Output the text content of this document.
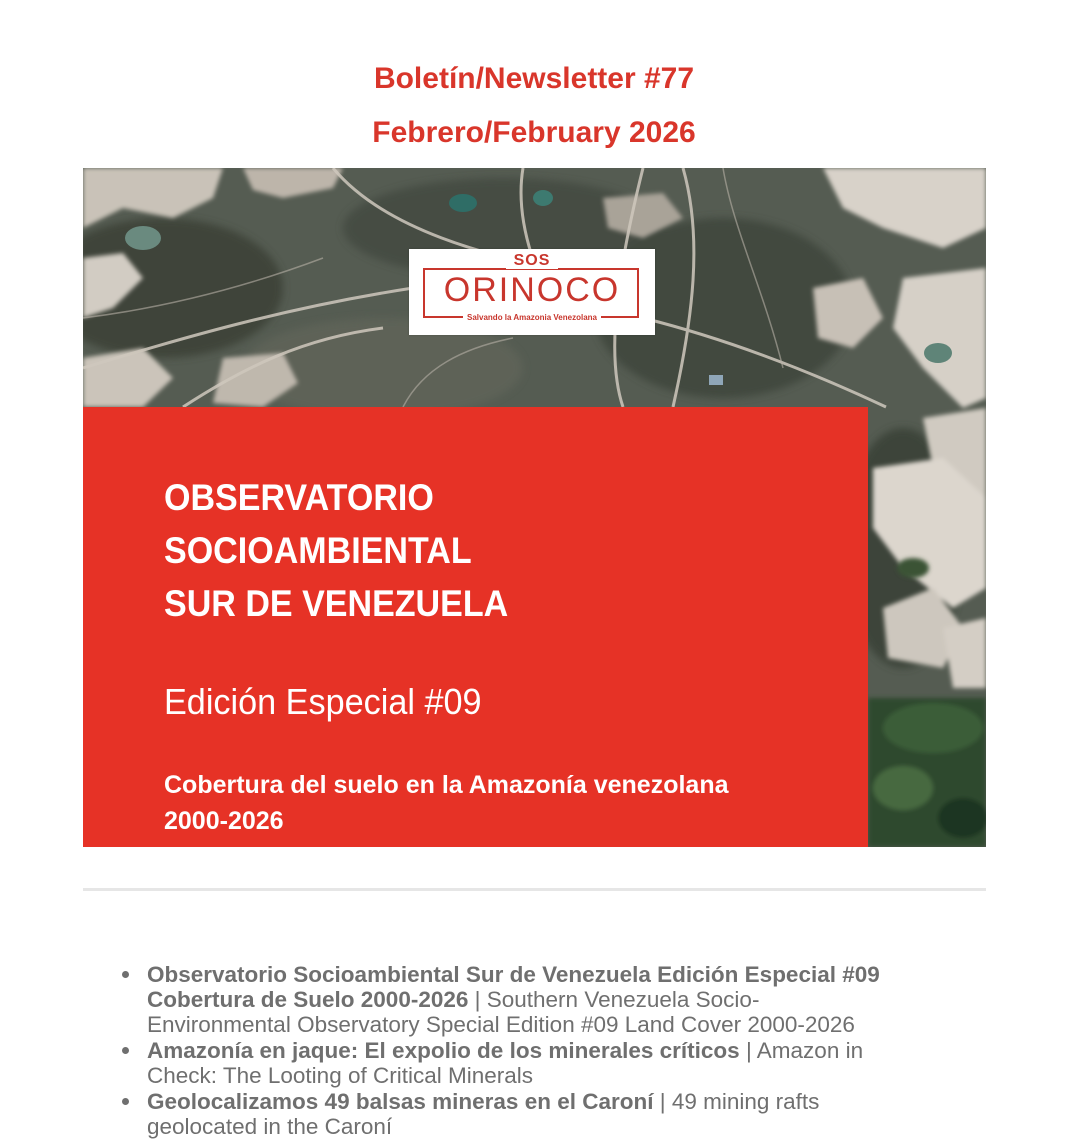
Boletín/Newsletter #77
Febrero/February 2026
SOS
ORINOCO
Salvando la Amazonia Venezolana
OBSERVATORIO
SOCIOAMBIENTAL
SUR DE VENEZUELA
Edición Especial #09
Cobertura del suelo en la Amazonía venezolana
2000-2026
Observatorio Socioambiental Sur de Venezuela Edición Especial #09
Cobertura de Suelo 2000-2026 | Southern Venezuela Socio-
Environmental Observatory Special Edition #09 Land Cover 2000-2026
Amazonía en jaque: El expolio de los minerales críticos | Amazon in
Check: The Looting of Critical Minerals
Geolocalizamos 49 balsas mineras en el Caroní | 49 mining rafts
geolocated in the Caroní
